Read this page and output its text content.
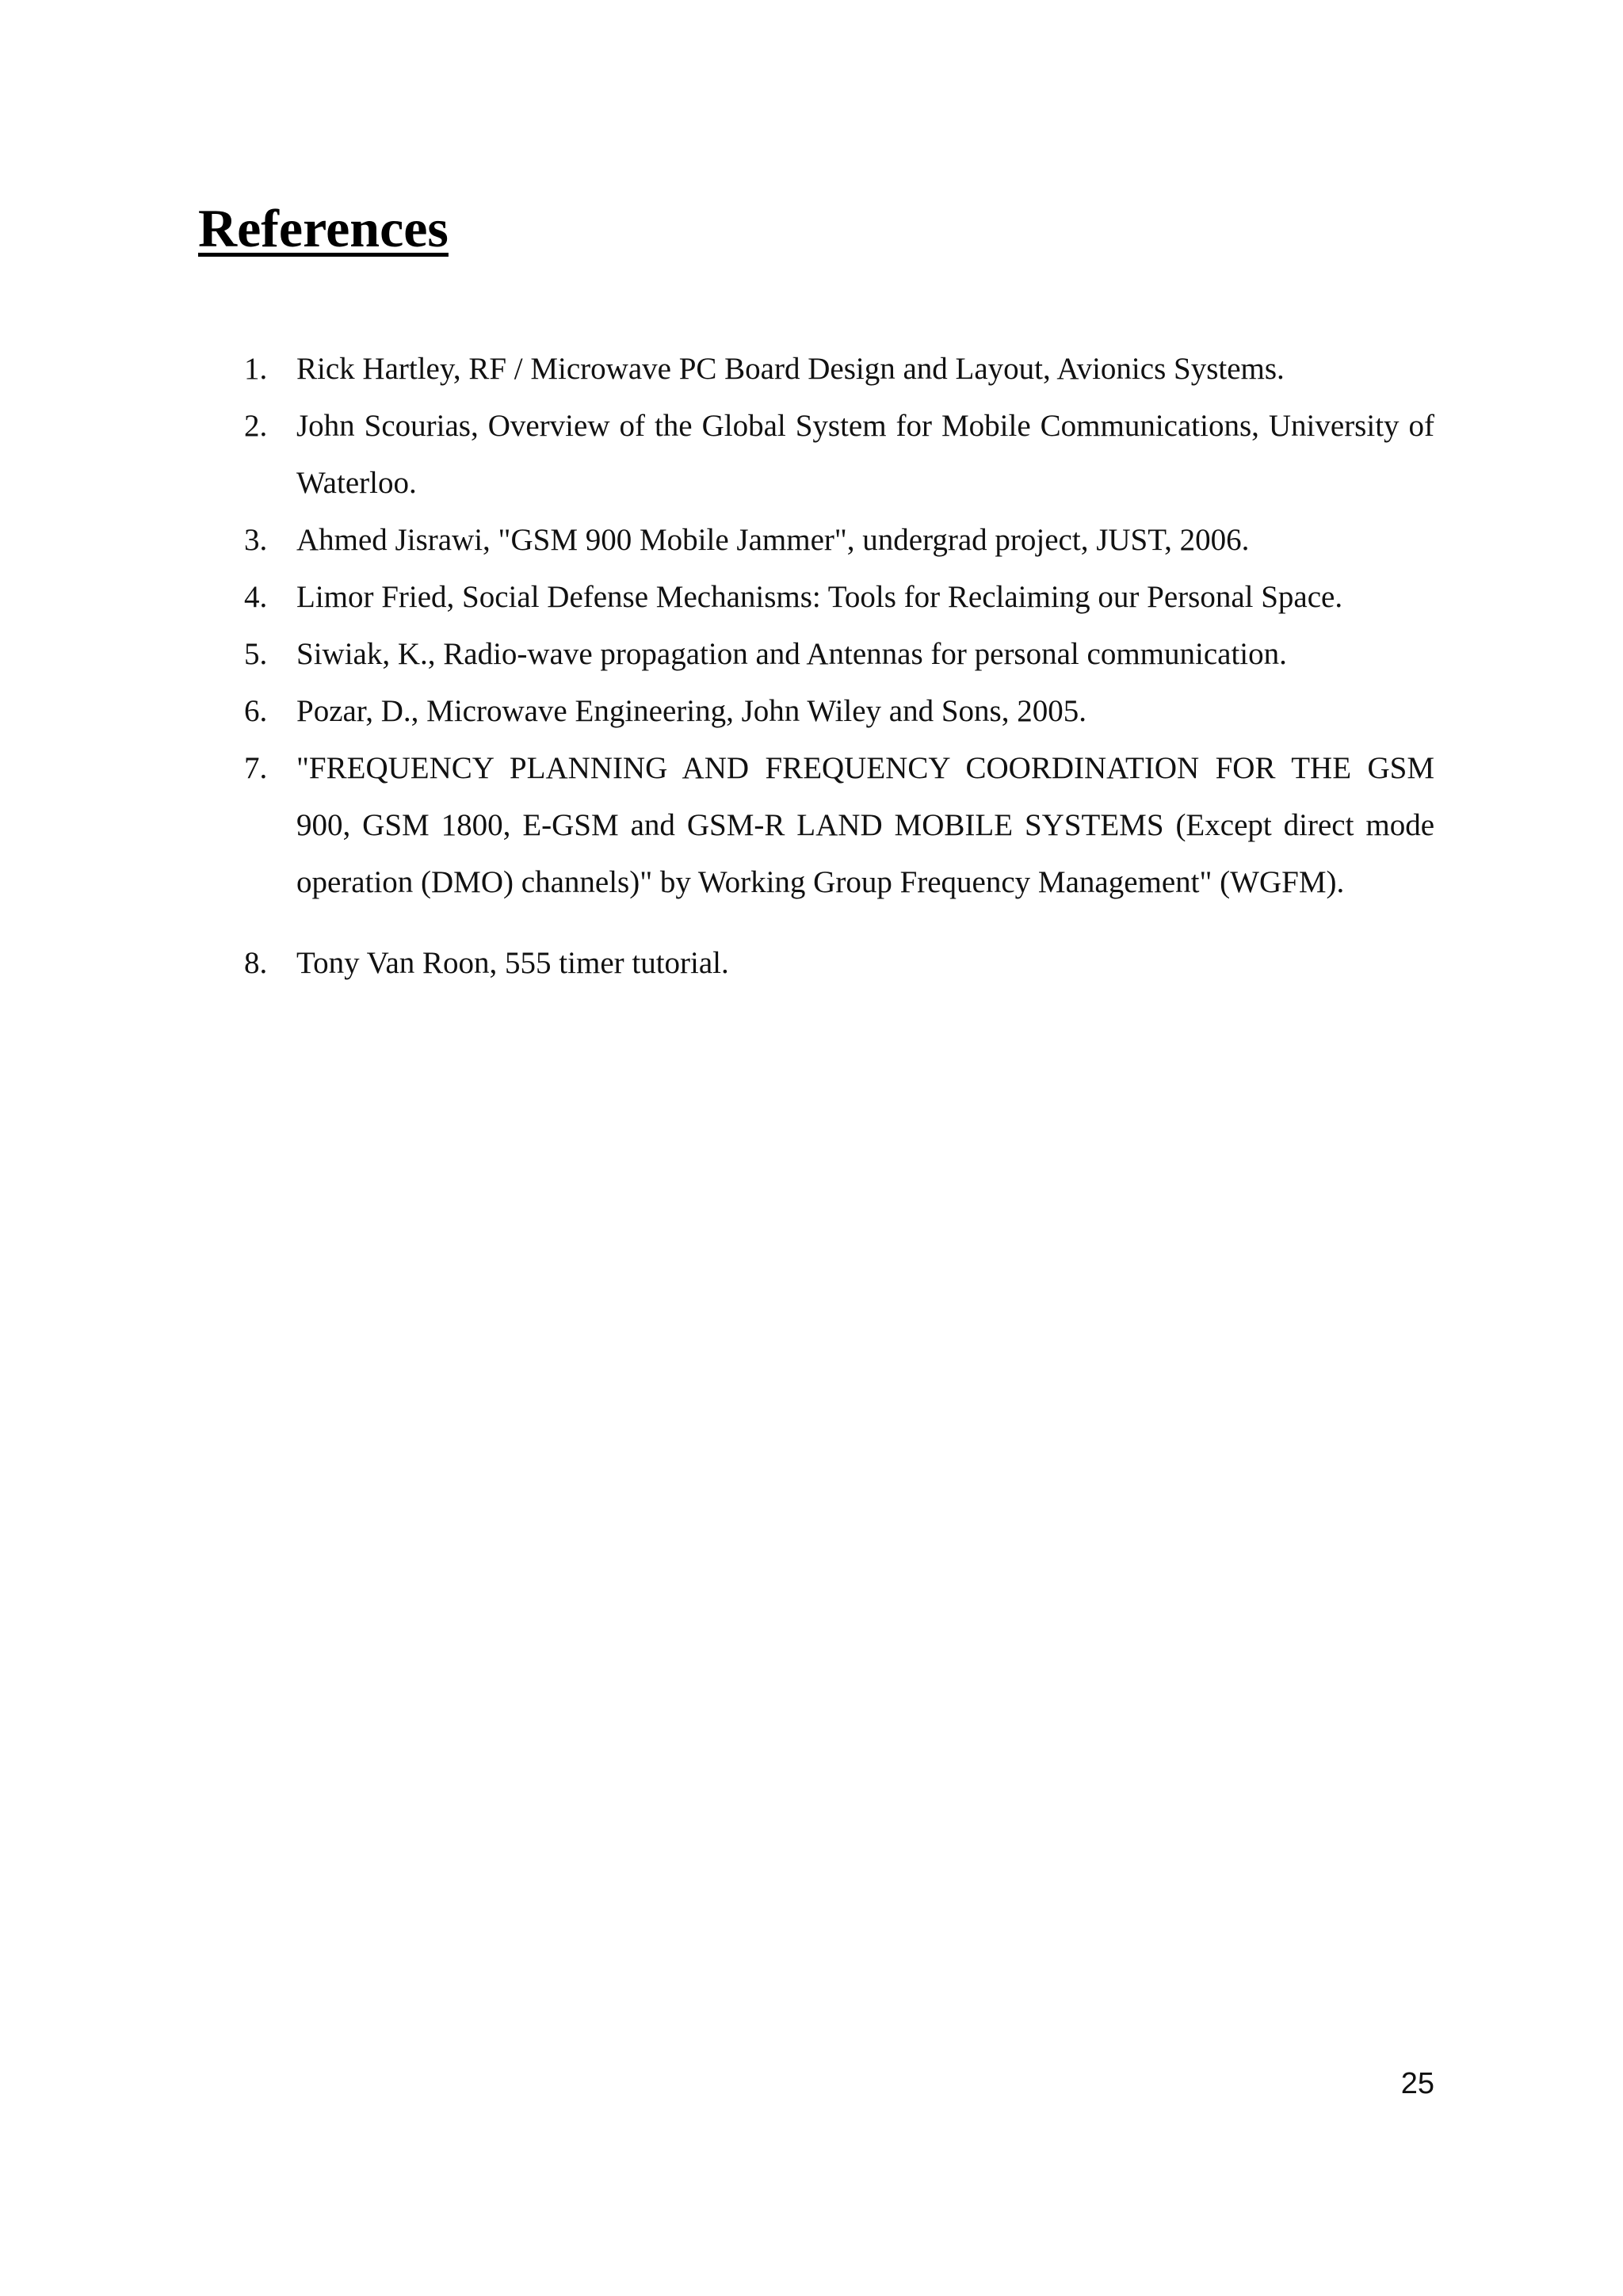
References
1. Rick Hartley, RF / Microwave PC Board Design and Layout, Avionics Systems.
2. John Scourias, Overview of the Global System for Mobile Communications, University of Waterloo.
3. Ahmed Jisrawi, "GSM 900 Mobile Jammer", undergrad project, JUST, 2006.
4. Limor Fried, Social Defense Mechanisms: Tools for Reclaiming our Personal Space.
5. Siwiak, K., Radio-wave propagation and Antennas for personal communication.
6. Pozar, D., Microwave Engineering, John Wiley and Sons, 2005.
7. "FREQUENCY PLANNING AND FREQUENCY COORDINATION FOR THE GSM 900, GSM 1800, E-GSM and GSM-R LAND MOBILE SYSTEMS (Except direct mode operation (DMO) channels)" by Working Group Frequency Management" (WGFM).
8. Tony Van Roon, 555 timer tutorial.
25
